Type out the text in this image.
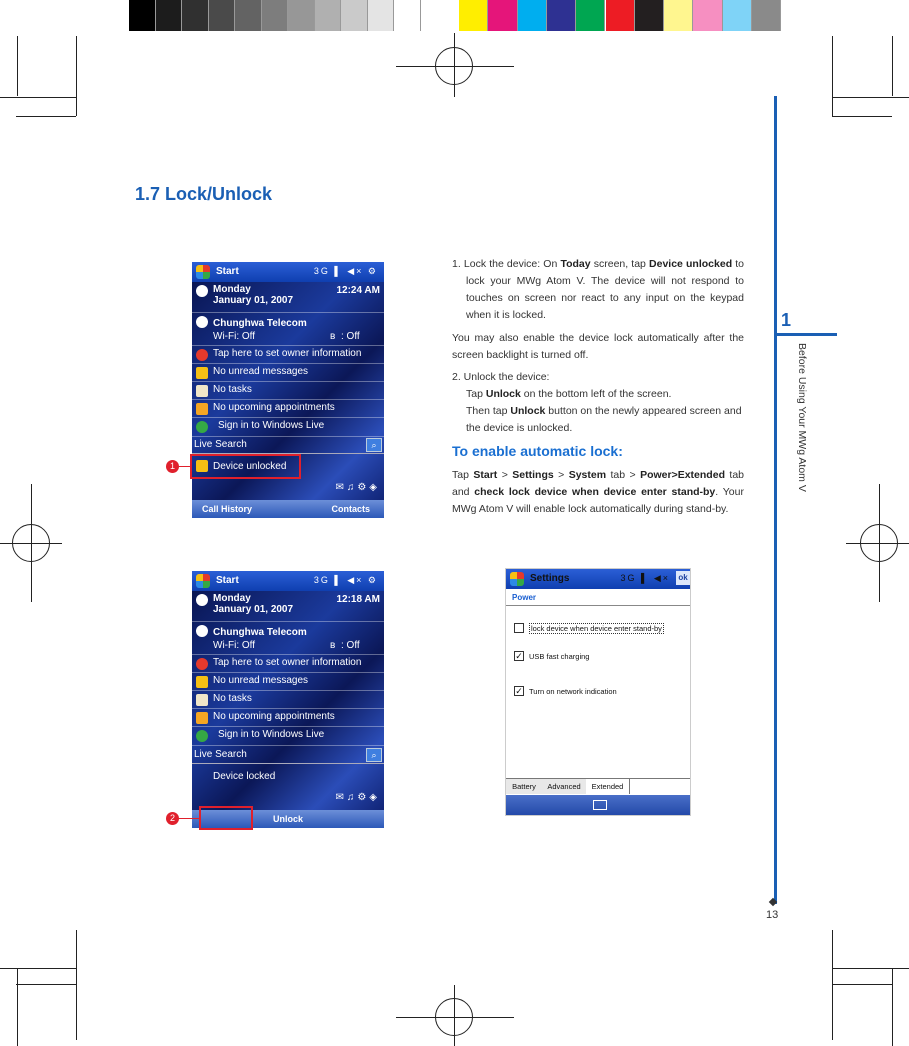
1.7 Lock/Unlock
Start	3G ▌ ◀× ⚙
Monday
January 01, 2007
12:24 AM
Chunghwa Telecom
Wi-Fi: Off	ʙ : Off
Tap here to set owner information
No unread messages
No tasks
No upcoming appointments
Sign in to Windows Live
Live Search	⌕
Device unlocked
✉♫⚙◈
Call History	Contacts
1
Start	3G ▌ ◀× ⚙
Monday
January 01, 2007
12:18 AM
Chunghwa Telecom
Wi-Fi: Off	ʙ : Off
Tap here to set owner information
No unread messages
No tasks
No upcoming appointments
Sign in to Windows Live
Live Search	⌕
Device locked
✉♫⚙◈
Unlock
2
1. Lock the device: On Today screen, tap Device unlocked to lock your MWg Atom V. The device will not respond to touches on screen nor react to any input on the keypad when it is locked.
You may also enable the device lock automatically after the screen backlight is turned off.
2. Unlock the device:
Tap Unlock on the bottom left of the screen.
Then tap Unlock button on the newly appeared screen and the device is unlocked.
To enable automatic lock:
Tap Start > Settings > System tab > Power>Extended tab and check lock device when device enter stand-by. Your MWg Atom V will enable lock automatically during stand-by.
Settings	3G ▌ ◀× ok
Power
lock device when device enter stand-by
✓ USB fast charging
✓ Turn on network indication
Battery	Advanced	Extended
1
Before Using Your MWg Atom V
13
